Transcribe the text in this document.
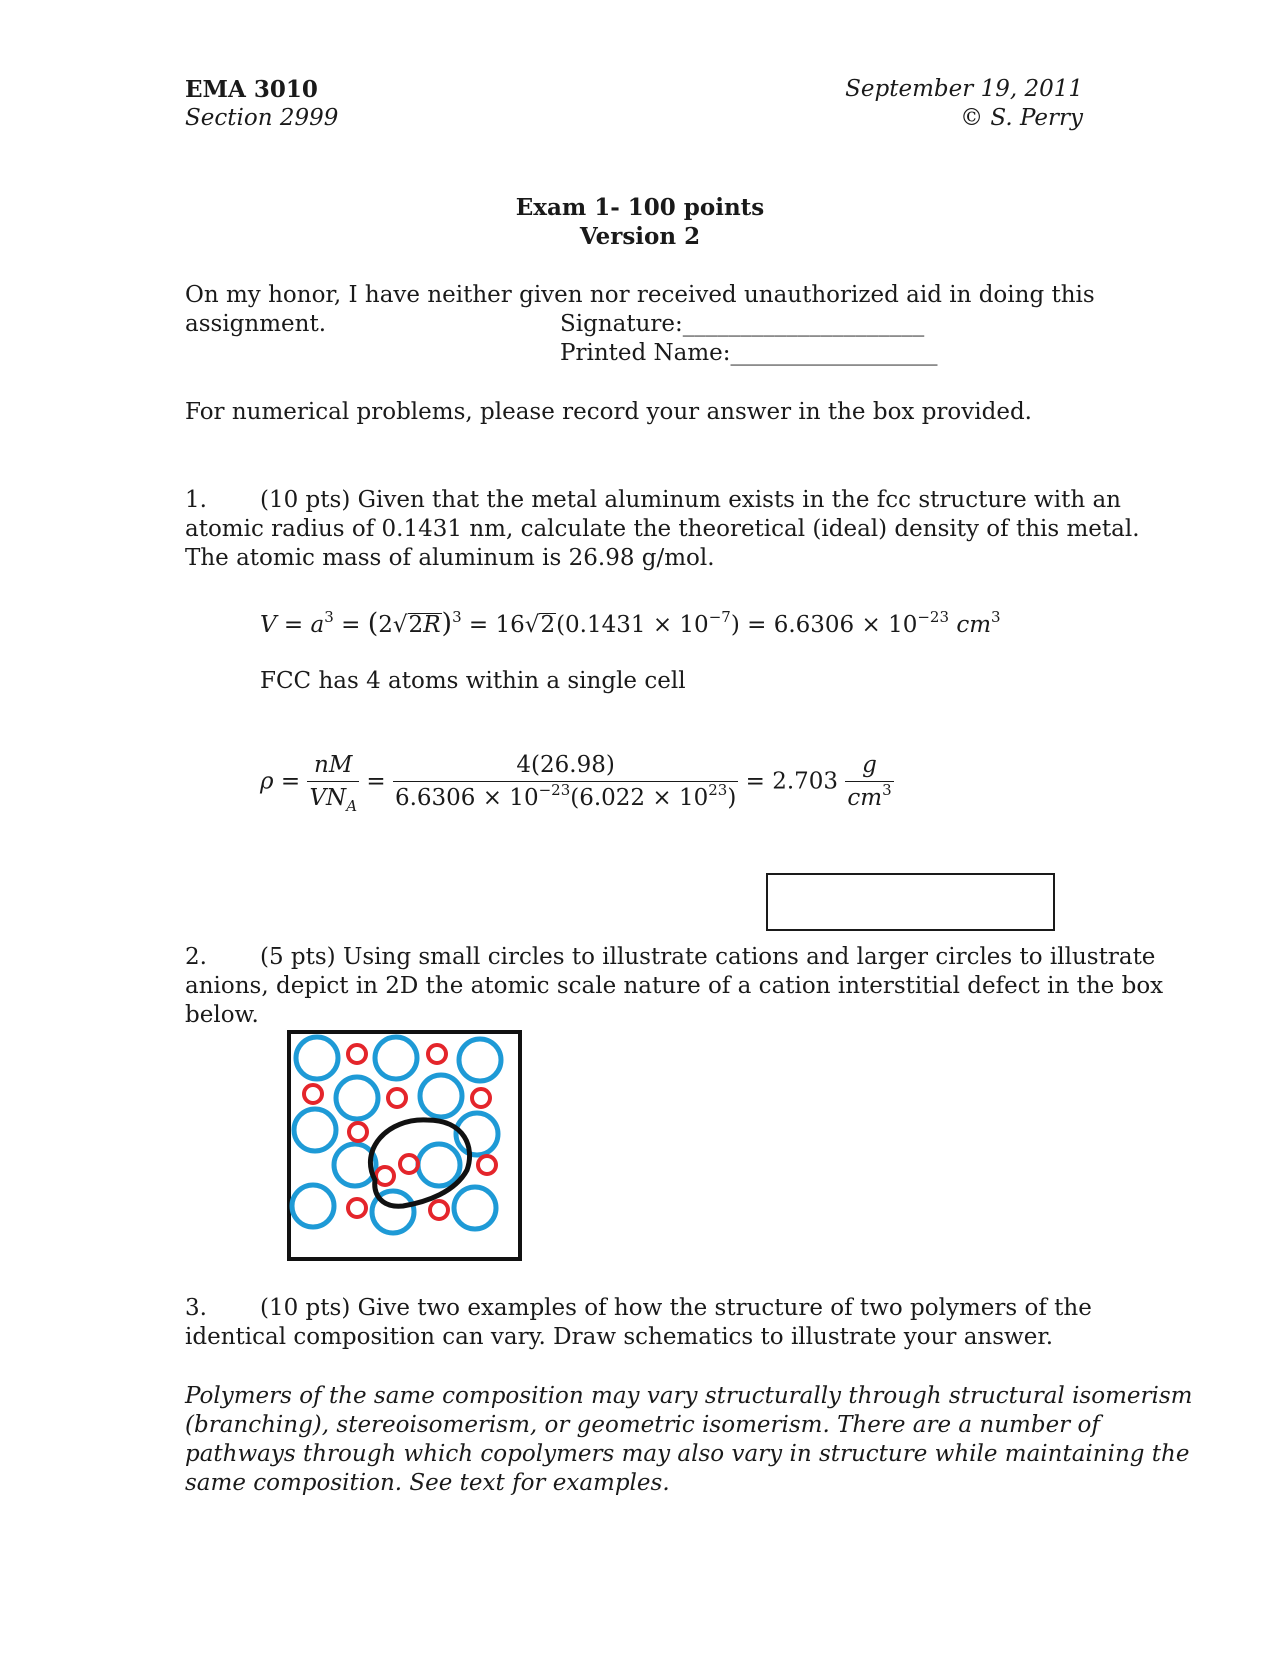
EMA 3010
Section 2999
September 19, 2011
© S. Perry
Exam 1- 100 points
Version 2
On my honor, I have neither given nor received unauthorized aid in doing this
assignment.	Signature:_____________________
Printed Name:__________________
For numerical problems, please record your answer in the box provided.
1. (10 pts) Given that the metal aluminum exists in the fcc structure with an
atomic radius of 0.1431 nm, calculate the theoretical (ideal) density of this metal.
The atomic mass of aluminum is 26.98 g/mol.
$V = a^3 = (2√2R)^3 = 16√2(0.1431 \times 10^{-7}) = 6.6306 \times 10^{-23}$ $cm^3$
FCC has 4 atoms within a single cell
$\rho = \frac{nM}{VN_A} = \frac{4(26.98)}{6.6306 \times 10^{-23}(6.022 \times 10^{23})} = 2.703 \frac{g}{cm^3}$
2. (5 pts) Using small circles to illustrate cations and larger circles to illustrate
anions, depict in 2D the atomic scale nature of a cation interstitial defect in the box
below.
3. (10 pts) Give two examples of how the structure of two polymers of the
identical composition can vary. Draw schematics to illustrate your answer.
Polymers of the same composition may vary structurally through structural isomerism
(branching), stereoisomerism, or geometric isomerism. There are a number of
pathways through which copolymers may also vary in structure while maintaining the
same composition. See text for examples.
